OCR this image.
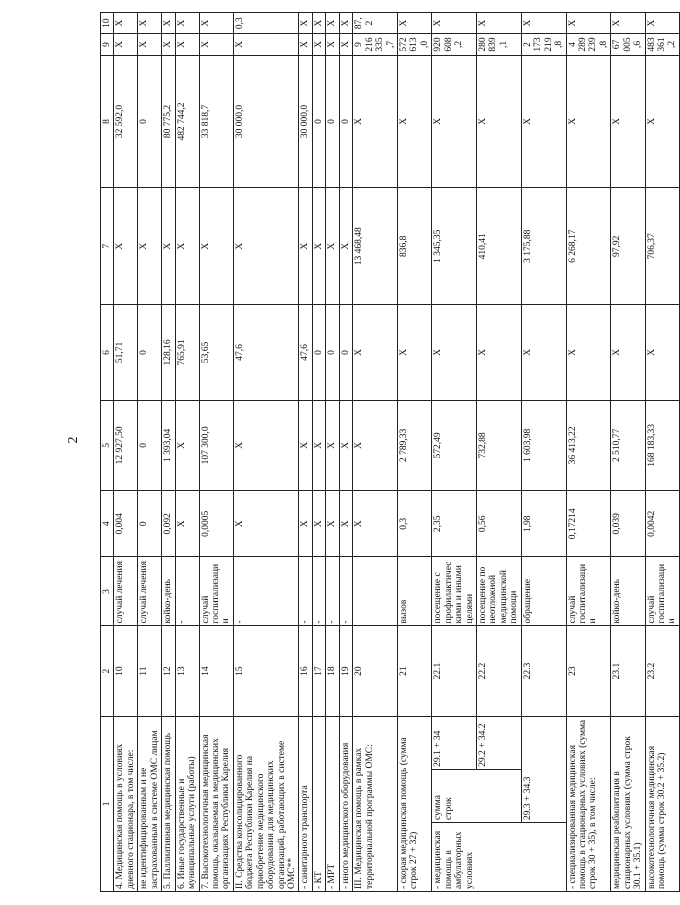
2
1			2	3	4	5	6	7	8	9	10
4. Медицинская помощь в условиях дневного стационара, в том числе:			10	случай лечения	0,004	12 927,50	51,71	Х	32 592,0	Х	Х
не идентифицированным и не застрахованным в системе ОМС лицам			11	случай лечения	0	0	0	Х	0	Х	Х
5. Паллиативная медицинская помощь			12	койко-день	0,092	1 393,04	128,16	Х	80 775,2	Х	Х
6. Иные государственные и муниципальные услуги (работы)			13	-	Х	Х	765,91	Х	482 744,2	Х	Х
7. Высокотехнологичная медицинская помощь, оказываемая в медицинских организациях Республики Карелия			14	случай госпитализации	0,0005	107 300,0	53,65	Х	33 818,7	Х	Х
II. Средства консолидированного бюджета Республики Карелия на приобретение медицинского оборудования для медицинских организаций, работающих в системе ОМС**			15	-	Х	Х	47,6	Х	30 000,0	Х	0,3
- санитарного транспорта			16	-	Х	Х	47,6	Х	30 000,0	Х	Х
- КТ			17	-	Х	Х	0	Х	0	Х	Х
- МРТ			18	-	Х	Х	0	Х	0	Х	Х
- иного медицинского оборудования			19	-	Х	Х	0	Х	0	Х	Х
III. Медицинская помощь в рамках территориальной программы ОМС:			20		Х	Х	Х	13 468,48	Х	9 216 335,7	87,2
- скорая медицинская помощь (сумма строк 27 + 32)			21	вызов	0,3	2 789,33	Х	836,8	Х	572 613,0	Х
- медицинская помощь в амбулаторных условиях	сумма строк	29.1 + 34	22.1	посещение с профилактическими и иными целями	2,35	572,49	Х	1 345,35	Х	920 608,2	Х
		29.2 + 34.2	22.2	посещение по неотложной медицинской помощи	0,56	732,88	Х	410,41	Х	280 839,1	Х
	29.3 + 34.3		22.3	обращение	1,98	1 603,98	Х	3 175,88	Х	2 173 219,8	Х
- специализированная медицинская помощь в стационарных условиях (сумма строк 30 + 35), в том числе:			23	случай госпитализации	0,17214	36 413,22	Х	6 268,17	Х	4 289 239,8	Х
медицинская реабилитация в стационарных условиях (сумма строк 30.1 + 35.1)			23.1	койко-день	0,039	2 510,77	Х	97,92	Х	67 005,6	Х
высокотехнологичная медицинская помощь (сумма строк 30.2 + 35.2)			23.2	случай госпитализации	0,0042	168 183,33	Х	706,37	Х	483 361,2	Х
